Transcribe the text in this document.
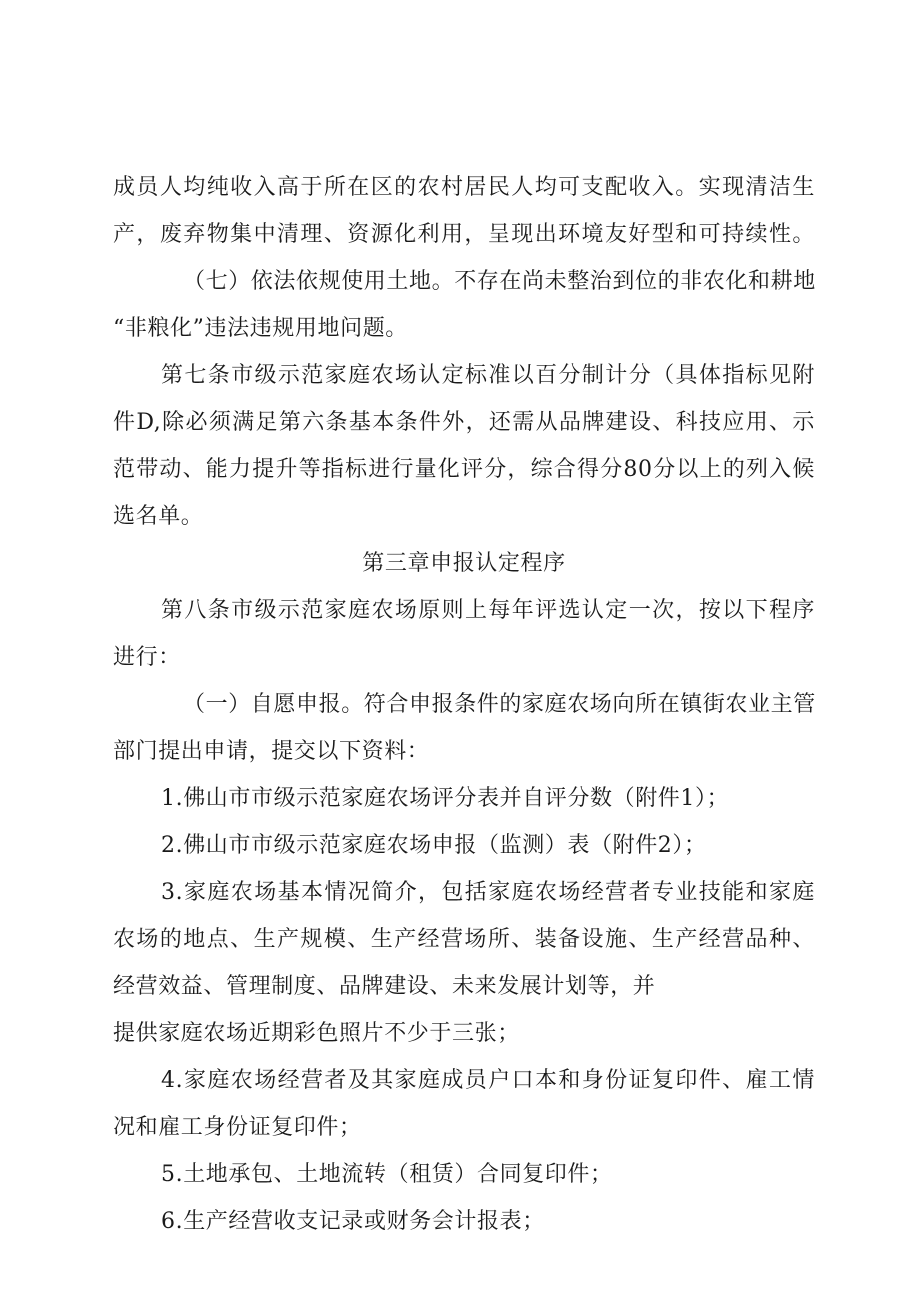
成员人均纯收入高于所在区的农村居民人均可支配收入。实现清洁生
产，废弃物集中清理、资源化利用，呈现出环境友好型和可持续性。
（七）依法依规使用土地。不存在尚未整治到位的非农化和耕地
“非粮化”违法违规用地问题。
第七条市级示范家庭农场认定标准以百分制计分（具体指标见附
件D,除必须满足第六条基本条件外，还需从品牌建设、科技应用、示
范带动、能力提升等指标进行量化评分，综合得分80分以上的列入候
选名单。
第三章申报认定程序
第八条市级示范家庭农场原则上每年评选认定一次，按以下程序
进行：
（一）自愿申报。符合申报条件的家庭农场向所在镇街农业主管
部门提出申请，提交以下资料：
1.佛山市市级示范家庭农场评分表并自评分数（附件1）；
2.佛山市市级示范家庭农场申报（监测）表（附件2）；
3.家庭农场基本情况简介，包括家庭农场经营者专业技能和家庭
农场的地点、生产规模、生产经营场所、装备设施、生产经营品种、
经营效益、管理制度、品牌建设、未来发展计划等，并
提供家庭农场近期彩色照片不少于三张；
4.家庭农场经营者及其家庭成员户口本和身份证复印件、雇工情
况和雇工身份证复印件；
5.土地承包、土地流转（租赁）合同复印件；
6.生产经营收支记录或财务会计报表；
